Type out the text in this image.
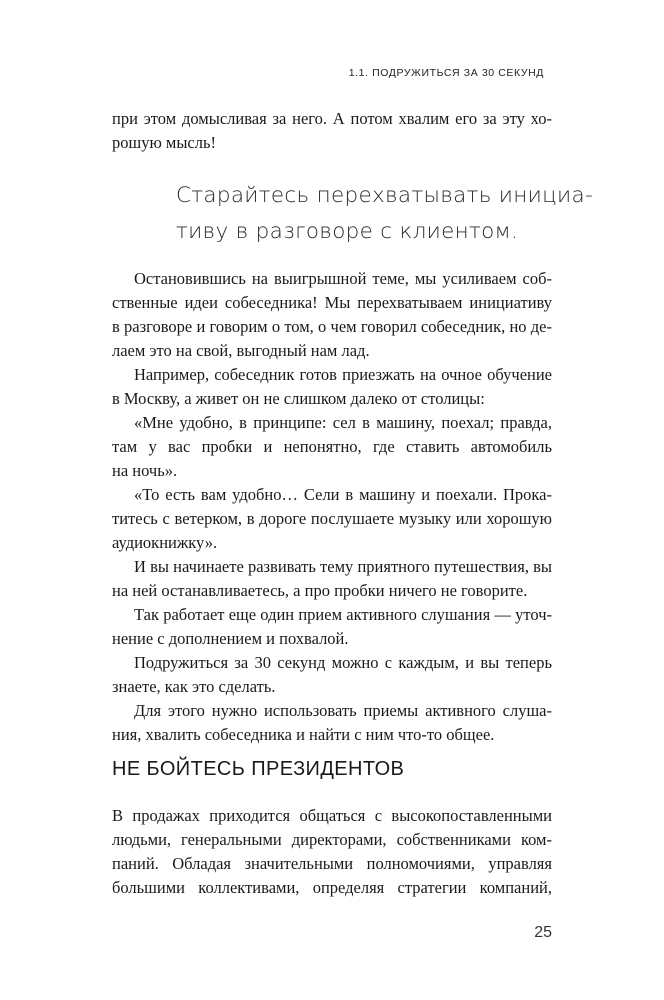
1.1. ПОДРУЖИТЬСЯ ЗА 30 СЕКУНД
при этом домысливая за него. А потом хвалим его за эту хо-
рошую мысль!
Старайтесь перехватывать инициа-
тиву в разговоре с клиентом.
Остановившись на выигрышной теме, мы усиливаем соб-
ственные идеи собеседника! Мы перехватываем инициативу
в разговоре и говорим о том, о чем говорил собеседник, но де-
лаем это на свой, выгодный нам лад.
Например, собеседник готов приезжать на очное обучение
в Москву, а живет он не слишком далеко от столицы:
«Мне удобно, в принципе: сел в машину, поехал; правда,
там у вас пробки и непонятно, где ставить автомобиль
на ночь».
«То есть вам удобно… Сели в машину и поехали. Прока-
титесь с ветерком, в дороге послушаете музыку или хорошую
аудиокнижку».
И вы начинаете развивать тему приятного путешествия, вы
на ней останавливаетесь, а про пробки ничего не говорите.
Так работает еще один прием активного слушания — уточ-
нение с дополнением и похвалой.
Подружиться за 30 секунд можно с каждым, и вы теперь
знаете, как это сделать.
Для этого нужно использовать приемы активного слуша-
ния, хвалить собеседника и найти с ним что-то общее.
НЕ БОЙТЕСЬ ПРЕЗИДЕНТОВ
В продажах приходится общаться с высокопоставленными
людьми, генеральными директорами, собственниками ком-
паний. Обладая значительными полномочиями, управляя
большими коллективами, определяя стратегии компаний,
25
